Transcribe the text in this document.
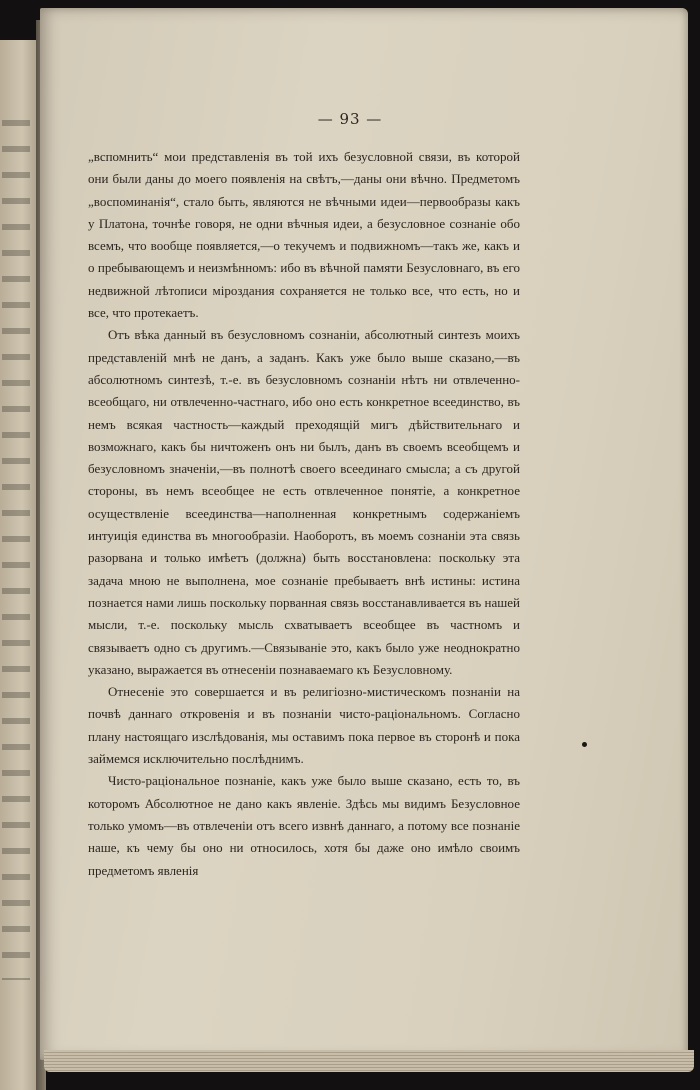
— 93 —

„вспомнить“ мои представленія въ той ихъ безусловной связи, въ которой они были даны до моего появленія на свѣтъ,—даны они вѣчно. Предметомъ „воспоминанія“, стало быть, являются не вѣчными идеи—первообразы какъ у Платона, точнѣе говоря, не одни вѣчныя идеи, а безусловное сознаніе обо всемъ, что вообще появляется,—о текучемъ и подвижномъ—такъ же, какъ и о пребывающемъ и неизмѣнномъ: ибо въ вѣчной памяти Безусловнаго, въ его недвижной лѣтописи міроздания сохраняется не только все, что есть, но и все, что протекаетъ.

Отъ вѣка данный въ безусловномъ сознаніи, абсолютный синтезъ моихъ представленій мнѣ не данъ, а заданъ. Какъ уже было выше сказано,—въ абсолютномъ синтезѣ, т.-е. въ безусловномъ сознаніи нѣтъ ни отвлеченно-всеобщаго, ни отвлеченно-частнаго, ибо оно есть конкретное всеединство, въ немъ всякая частность—каждый преходящій мигъ дѣйствительнаго и возможнаго, какъ бы ничтоженъ онъ ни былъ, данъ въ своемъ всеобщемъ и безусловномъ значеніи,—въ полнотѣ своего всеединаго смысла; а съ другой стороны, въ немъ всеобщее не есть отвлеченное понятіе, а конкретное осуществленіе всеединства—наполненная конкретнымъ содержаніемъ интуиція единства въ многообразіи. Наоборотъ, въ моемъ сознаніи эта связь разорвана и только имѣетъ (должна) быть восстановлена: поскольку эта задача мною не выполнена, мое сознаніе пребываетъ внѣ истины: истина познается нами лишь поскольку порванная связь восстанавливается въ нашей мысли, т.-е. поскольку мысль схватываетъ всеобщее въ частномъ и связываетъ одно съ другимъ.—Связываніе это, какъ было уже неоднократно указано, выражается въ отнесеніи познаваемаго къ Безусловному.

Отнесеніе это совершается и въ религіозно-мистическомъ познаніи на почвѣ даннаго откровенія и въ познаніи чисто-раціональномъ. Согласно плану настоящаго изслѣдованія, мы оставимъ пока первое въ сторонѣ и пока займемся исключительно послѣднимъ.

Чисто-раціональное познаніе, какъ уже было выше сказано, есть то, въ которомъ Абсолютное не дано какъ явленіе. Здѣсь мы видимъ Безусловное только умомъ—въ отвлеченіи отъ всего извнѣ даннаго, а потому все познаніе наше, къ чему бы оно ни относилось, хотя бы даже оно имѣло своимъ предметомъ явленія
